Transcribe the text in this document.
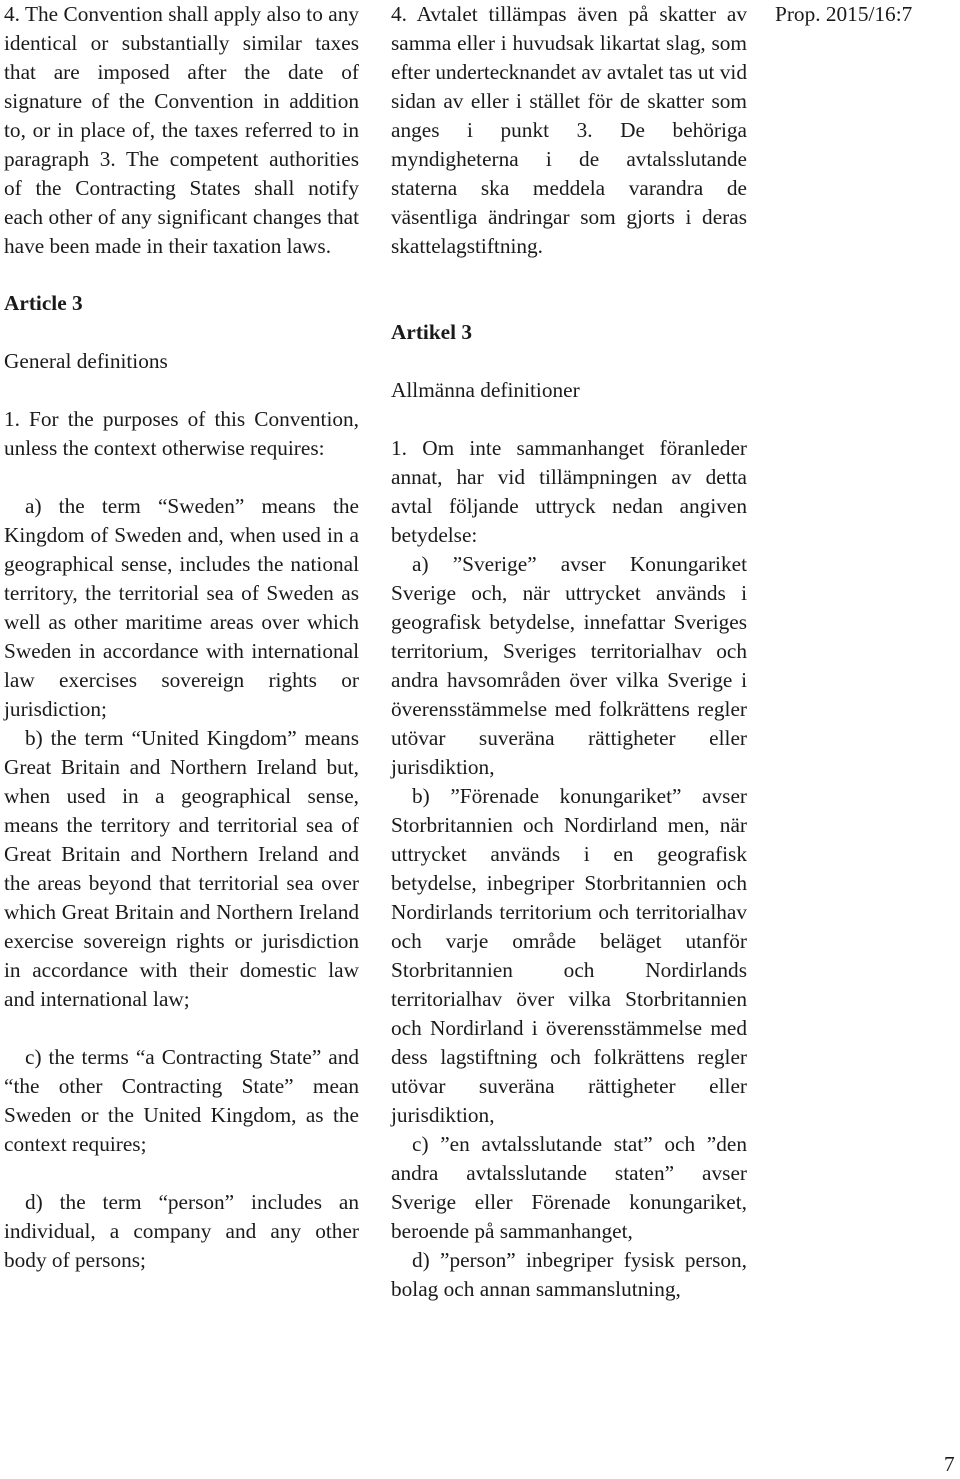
Prop. 2015/16:7

4. The Convention shall apply also to any identical or substantially similar taxes that are imposed after the date of signature of the Convention in addition to, or in place of, the taxes referred to in paragraph 3. The competent authorities of the Contracting States shall notify each other of any significant changes that have been made in their taxation laws.

Article 3

General definitions

1. For the purposes of this Convention, unless the context otherwise requires:

a) the term “Sweden” means the Kingdom of Sweden and, when used in a geographical sense, includes the national territory, the territorial sea of Sweden as well as other maritime areas over which Sweden in accordance with international law exercises sovereign rights or jurisdiction;

b) the term “United Kingdom” means Great Britain and Northern Ireland but, when used in a geographical sense, means the territory and territorial sea of Great Britain and Northern Ireland and the areas beyond that territorial sea over which Great Britain and Northern Ireland exercise sovereign rights or jurisdiction in accordance with their domestic law and international law;

c) the terms “a Contracting State” and “the other Contracting State” mean Sweden or the United Kingdom, as the context requires;

d) the term “person” includes an individual, a company and any other body of persons;

4. Avtalet tillämpas även på skatter av samma eller i huvudsak likartat slag, som efter undertecknandet av avtalet tas ut vid sidan av eller i stället för de skatter som anges i punkt 3. De behöriga myndigheterna i de avtalsslutande staterna ska meddela varandra de väsentliga ändringar som gjorts i deras skattelagstiftning.

Artikel 3

Allmänna definitioner

1. Om inte sammanhanget föranleder annat, har vid tillämpningen av detta avtal följande uttryck nedan angiven betydelse:

a) ”Sverige” avser Konungariket Sverige och, när uttrycket används i geografisk betydelse, innefattar Sveriges territorium, Sveriges territorialhav och andra havsområden över vilka Sverige i överensstämmelse med folkrättens regler utövar suveräna rättigheter eller jurisdiktion,

b) ”Förenade konungariket” avser Storbritannien och Nordirland men, när uttrycket används i en geografisk betydelse, inbegriper Storbritannien och Nordirlands territorium och territorialhav och varje område beläget utanför Storbritannien och Nordirlands territorialhav över vilka Storbritannien och Nordirland i överensstämmelse med dess lagstiftning och folkrättens regler utövar suveräna rättigheter eller jurisdiktion,

c) ”en avtalsslutande stat” och ”den andra avtalsslutande staten” avser Sverige eller Förenade konungariket, beroende på sammanhanget,

d) ”person” inbegriper fysisk person, bolag och annan sammanslutning,

7
